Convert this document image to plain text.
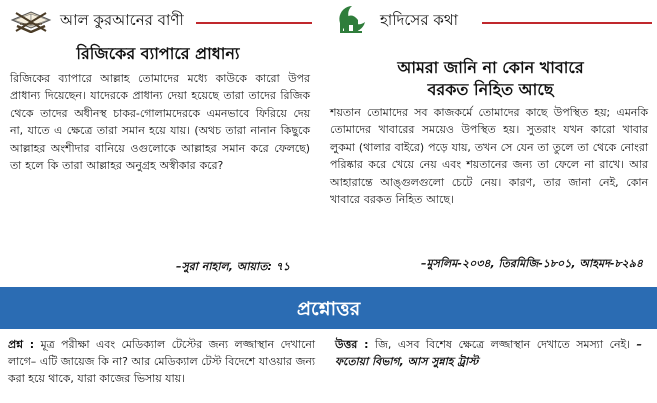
আল কুরআনের বাণী
রিজিকের ব্যাপারে প্রাধান্য
রিজিকের ব্যাপারে আল্লাহ তোমাদের মধ্যে কাউকে কারো উপর প্রাধান্য দিয়েছেন। যাদেরকে প্রাধান্য দেয়া হয়েছে তারা তাদের রিজিক থেকে তাদের অধীনস্থ চাকর-গোলামদেরকে এমনভাবে ফিরিয়ে দেয় না, যাতে এ ক্ষেত্রে তারা সমান হয়ে যায়। (অথচ তারা নানান কিছুকে আল্লাহর অংশীদার বানিয়ে ওগুলোকে আল্লাহর সমান করে ফেলছে) তা হলে কি তারা আল্লাহর অনুগ্রহ অস্বীকার করে?
–সুরা নাহাল, আয়াত: ৭১
হাদিসের কথা
আমরা জানি না কোন খাবারে
বরকত নিহিত আছে
শয়তান তোমাদের সব কাজকর্মে তোমাদের কাছে উপস্থিত হয়; এমনকি তোমাদের খাবারের সময়েও উপস্থিত হয়। সুতরাং যখন কারো খাবার লুকমা (থালার বাইরে) পড়ে যায়, তখন সে যেন তা তুলে তা থেকে নোংরা পরিষ্কার করে খেয়ে নেয় এবং শয়তানের জন্য তা ফেলে না রাখে। আর আহারান্তে আঙ্গুলগুলো চেটে নেয়। কারণ, তার জানা নেই, কোন খাবারে বরকত নিহিত আছে।
–মুসলিম-২০৩৪, তিরমিজি-১৮০১, আহমদ-৮২৯৪
প্রশ্নোত্তর
প্রশ্ন : মূত্র পরীক্ষা এবং মেডিক্যাল টেস্টের জন্য লজ্জাস্থান দেখানো লাগে– এটি জায়েজ কি না? আর মেডিক্যাল টেস্ট বিদেশে যাওয়ার জন্য করা হয়ে থাকে, যারা কাজের ভিসায় যায়।
উত্তর : জি, এসব বিশেষ ক্ষেত্রে লজ্জাস্থান দেখাতে সমস্যা নেই। –ফতোয়া বিভাগ, আস সুন্নাহ ট্রাস্ট
